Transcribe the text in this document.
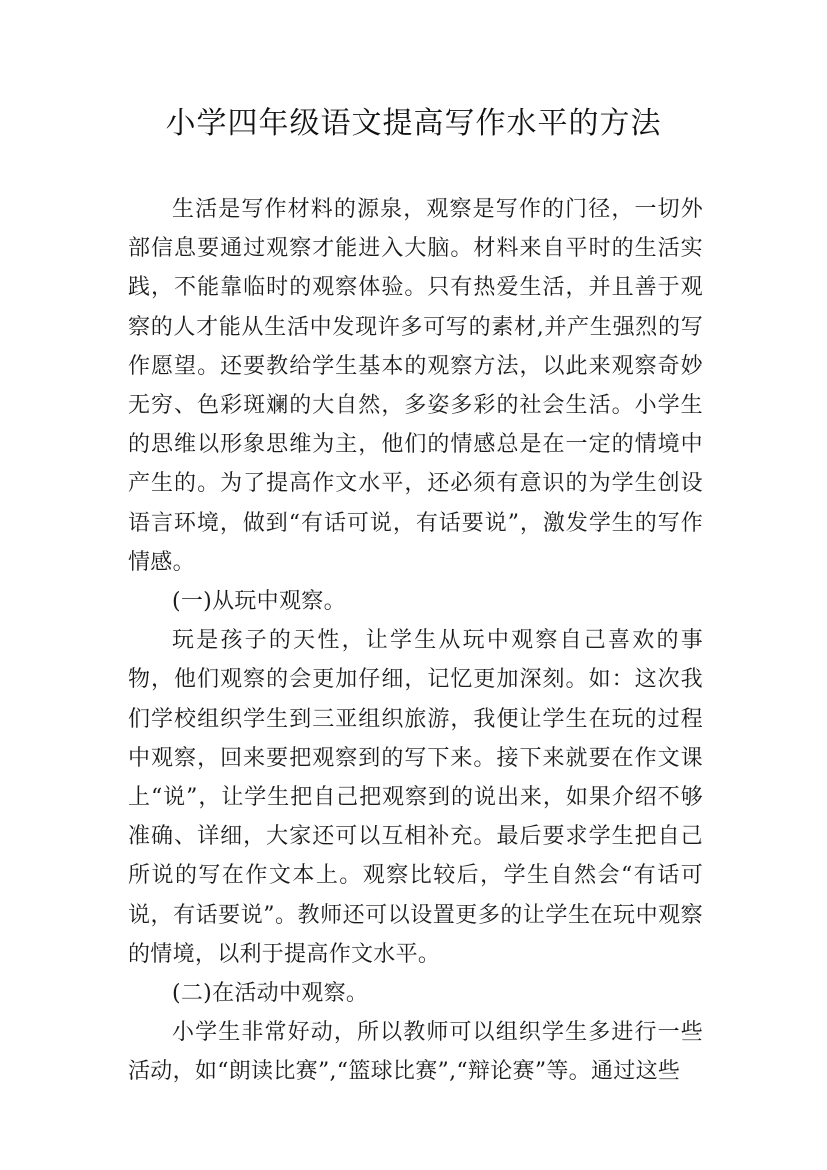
小学四年级语文提高写作水平的方法

生活是写作材料的源泉，观察是写作的门径，一切外部信息要通过观察才能进入大脑。材料来自平时的生活实践，不能靠临时的观察体验。只有热爱生活，并且善于观察的人才能从生活中发现许多可写的素材,并产生强烈的写作愿望。还要教给学生基本的观察方法，以此来观察奇妙无穷、色彩斑斓的大自然，多姿多彩的社会生活。小学生的思维以形象思维为主，他们的情感总是在一定的情境中产生的。为了提高作文水平，还必须有意识的为学生创设语言环境，做到“有话可说，有话要说”，激发学生的写作情感。

(一)从玩中观察。

玩是孩子的天性，让学生从玩中观察自己喜欢的事物，他们观察的会更加仔细，记忆更加深刻。如：这次我们学校组织学生到三亚组织旅游，我便让学生在玩的过程中观察，回来要把观察到的写下来。接下来就要在作文课上“说”，让学生把自己把观察到的说出来，如果介绍不够准确、详细，大家还可以互相补充。最后要求学生把自己所说的写在作文本上。观察比较后，学生自然会“有话可说，有话要说”。教师还可以设置更多的让学生在玩中观察的情境，以利于提高作文水平。

(二)在活动中观察。

小学生非常好动，所以教师可以组织学生多进行一些活动，如“朗读比赛”,“篮球比赛”,“辩论赛”等。通过这些
